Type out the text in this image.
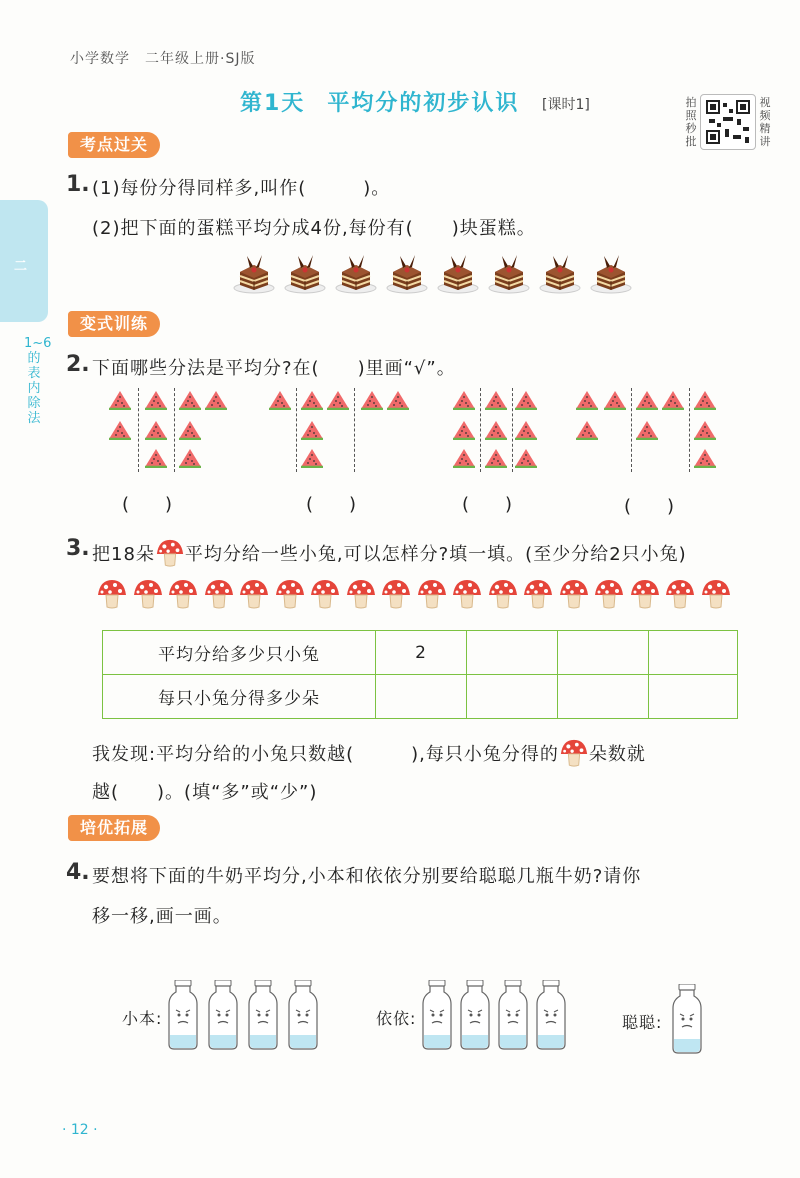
小学数学　二年级上册·SJ版
第1天 平均分的初步认识 [课时1]	拍照秒批
视频精讲
二
1~6的表内除法
考点过关
1. (1)每份分得同样多,叫作(　　　)。
(2)把下面的蛋糕平均分成4份,每份有(　　)块蛋糕。
变式训练
2. 下面哪些分法是平均分?在(　　)里画“√”。
(　　)	(　　)	(　　)	(　　)
3. 把18朵 平均分给一些小兔,可以怎样分?填一填。(至少分给2只小兔)
平均分给多少只小兔	2			
每只小兔分得多少朵				
我发现:平均分给的小兔只数越(　　　),每只小兔分得的 朵数就
越(　　)。(填“多”或“少”)
培优拓展
4. 要想将下面的牛奶平均分,小本和依依分别要给聪聪几瓶牛奶?请你
移一移,画一画。
小本:	依依:	聪聪:
· 12 ·
